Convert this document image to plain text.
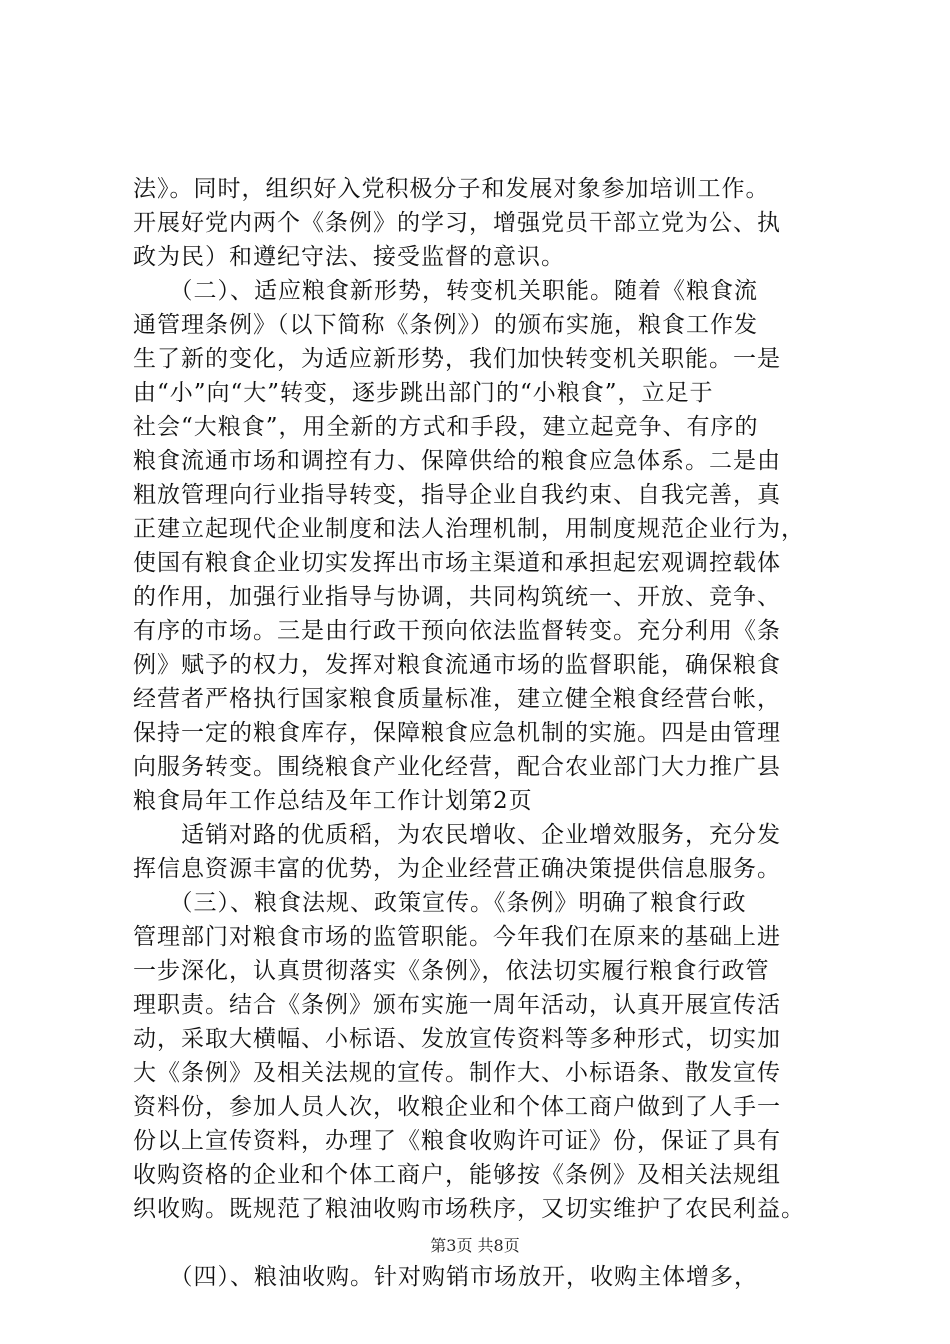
法》。同时，组织好入党积极分子和发展对象参加培训工作。
开展好党内两个《条例》的学习，增强党员干部立党为公、执
政为民）和遵纪守法、接受监督的意识。
　　（二）、适应粮食新形势，转变机关职能。随着《粮食流
通管理条例》（以下简称《条例》）的颁布实施，粮食工作发
生了新的变化，为适应新形势，我们加快转变机关职能。一是
由“小”向“大”转变，逐步跳出部门的“小粮食”，立足于
社会“大粮食”，用全新的方式和手段，建立起竞争、有序的
粮食流通市场和调控有力、保障供给的粮食应急体系。二是由
粗放管理向行业指导转变，指导企业自我约束、自我完善，真
正建立起现代企业制度和法人治理机制，用制度规范企业行为，
使国有粮食企业切实发挥出市场主渠道和承担起宏观调控载体
的作用，加强行业指导与协调，共同构筑统一、开放、竞争、
有序的市场。三是由行政干预向依法监督转变。充分利用《条
例》赋予的权力，发挥对粮食流通市场的监督职能，确保粮食
经营者严格执行国家粮食质量标准，建立健全粮食经营台帐，
保持一定的粮食库存，保障粮食应急机制的实施。四是由管理
向服务转变。围绕粮食产业化经营，配合农业部门大力推广县
粮食局年工作总结及年工作计划第2页
　　适销对路的优质稻，为农民增收、企业增效服务，充分发
挥信息资源丰富的优势，为企业经营正确决策提供信息服务。
　　（三）、粮食法规、政策宣传。《条例》明确了粮食行政
管理部门对粮食市场的监管职能。今年我们在原来的基础上进
一步深化，认真贯彻落实《条例》，依法切实履行粮食行政管
理职责。结合《条例》颁布实施一周年活动，认真开展宣传活
动，采取大横幅、小标语、发放宣传资料等多种形式，切实加
大《条例》及相关法规的宣传。制作大、小标语条、散发宣传
资料份，参加人员人次，收粮企业和个体工商户做到了人手一
份以上宣传资料，办理了《粮食收购许可证》份，保证了具有
收购资格的企业和个体工商户，能够按《条例》及相关法规组
织收购。既规范了粮油收购市场秩序，又切实维护了农民利益。
　　（四）、粮油收购。针对购销市场放开，收购主体增多，
第3页 共8页
